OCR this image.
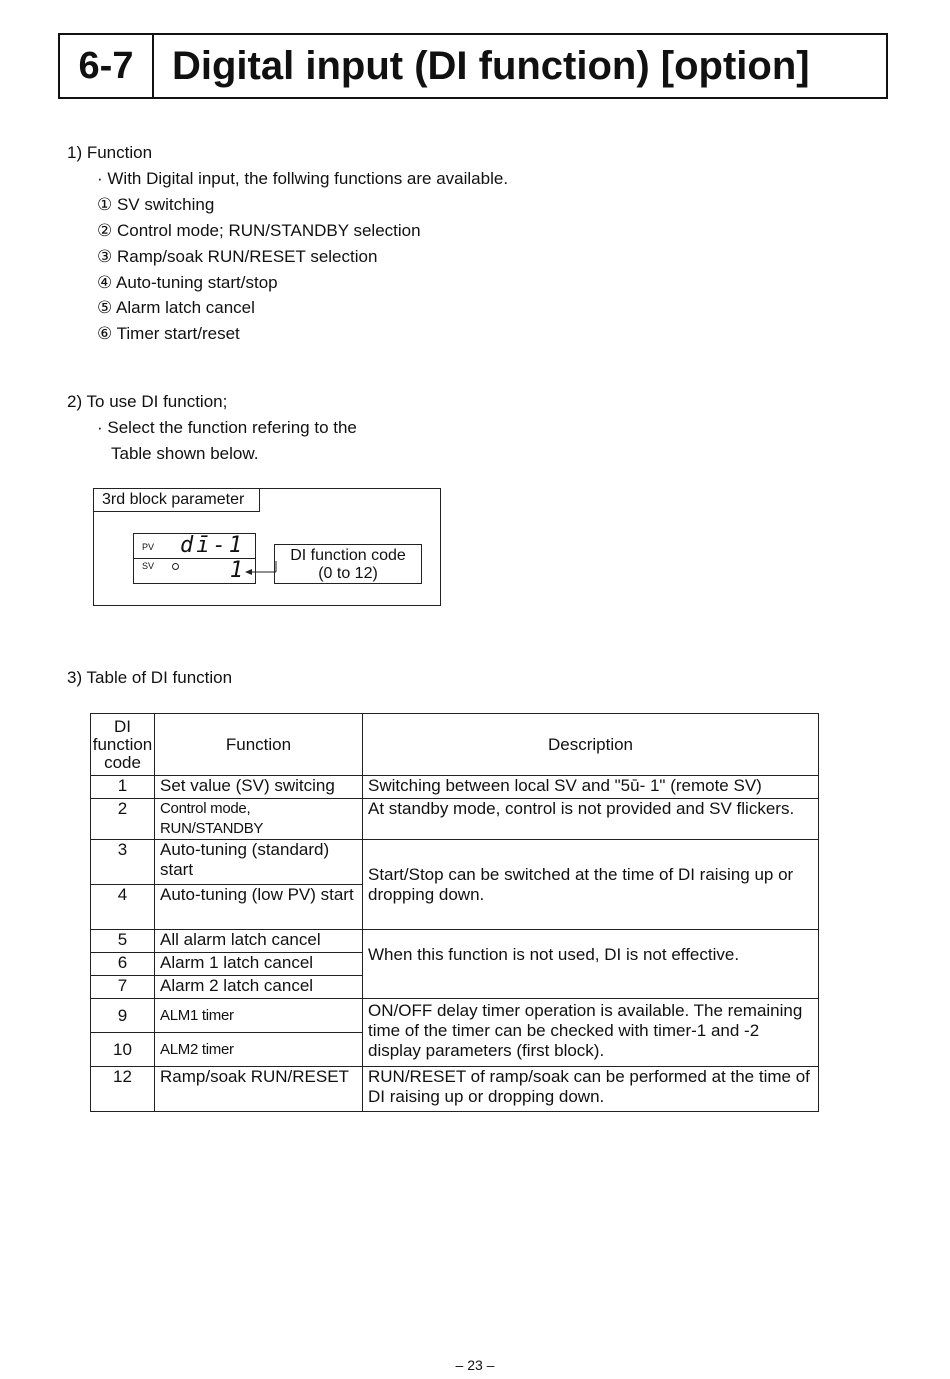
6-7 Digital input (DI function) [option]
1) Function
· With Digital input, the follwing functions are available.
① SV switching
② Control mode; RUN/STANDBY selection
③ Ramp/soak RUN/RESET selection
④ Auto-tuning start/stop
⑤ Alarm latch cancel
⑥ Timer start/reset
2) To use DI function;
· Select the function refering to the
Table shown below.
3rd block parameter
PV dī-1
SV	1
DI function code
(0 to 12)
3) Table of DI function
DI function code	Function	Description
1	Set value (SV) switcing	Switching between local SV and "5ū- 1" (remote SV)
2	Control mode, RUN/STANDBY	At standby mode, control is not provided and SV flickers.
3	Auto-tuning (standard) start	Start/Stop can be switched at the time of DI raising up or dropping down.
4	Auto-tuning (low PV) start	
5	All alarm latch cancel	When this function is not used, DI is not effective.
6	Alarm 1 latch cancel	
7	Alarm 2 latch cancel	
9	ALM1 timer	ON/OFF delay timer operation is available. The remaining time of the timer can be checked with timer-1 and -2 display parameters (first block).
10	ALM2 timer	
12	Ramp/soak RUN/RESET	RUN/RESET of ramp/soak can be performed at the time of DI raising up or dropping down.
– 23 –
